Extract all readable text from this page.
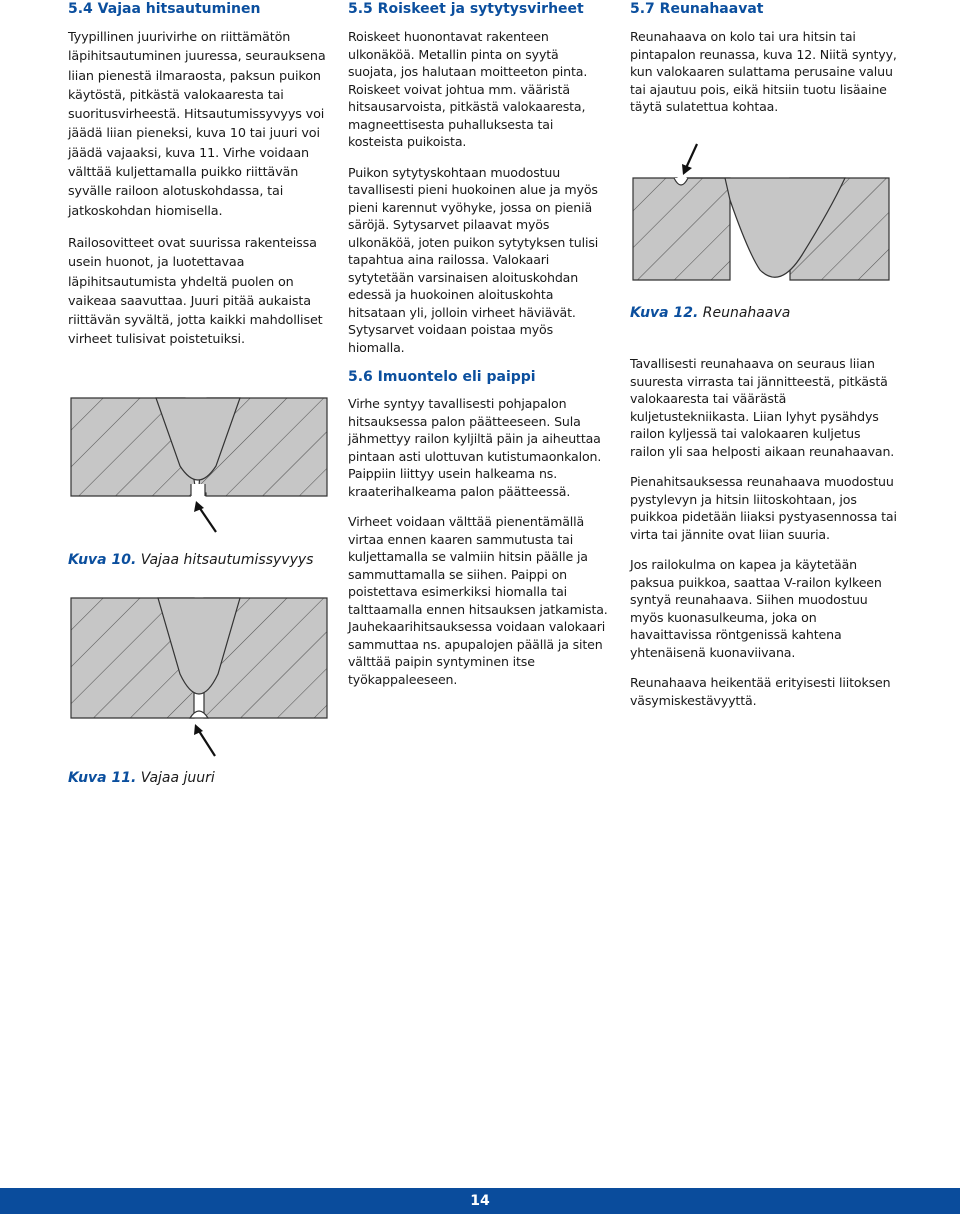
5.4 Vajaa hitsautuminen

Tyypillinen juurivirhe on riittämätön läpihitsautuminen juuressa, seurauksena liian pienestä ilmaraosta, paksun puikon käytöstä, pitkästä valokaaresta tai suoritusvirheestä. Hitsautumissyvyys voi jäädä liian pieneksi, kuva 10 tai juuri voi jäädä vajaaksi, kuva 11. Virhe voidaan välttää kuljettamalla puikko riittävän syvälle railoon alotuskohdassa, tai jatkoskohdan hiomisella.

Railosovitteet ovat suurissa rakenteissa usein huonot, ja luotettavaa läpihitsautumista yhdeltä puolen on vaikeaa saavuttaa. Juuri pitää aukaista riittävän syvältä, jotta kaikki mahdolliset virheet tulisivat poistetuiksi.

Kuva 10. Vajaa hitsautumissyvyys
Kuva 11. Vajaa juuri
5.5 Roiskeet ja sytytysvirheet

Roiskeet huonontavat rakenteen ulkonäköä. Metallin pinta on syytä suojata, jos halutaan moitteeton pinta. Roiskeet voivat johtua mm. vääristä hitsausarvoista, pitkästä valokaaresta, magneettisesta puhalluksesta tai kosteista puikoista.

Puikon sytytyskohtaan muodostuu tavallisesti pieni huokoinen alue ja myös pieni karennut vyöhyke, jossa on pieniä säröjä. Sytysarvet pilaavat myös ulkonäköä, joten puikon sytytyksen tulisi tapahtua aina railossa. Valokaari sytytetään varsinaisen aloituskohdan edessä ja huokoinen aloituskohta hitsataan yli, jolloin virheet häviävät. Sytysarvet voidaan poistaa myös hiomalla.

5.6 Imuontelo eli paippi

Virhe syntyy tavallisesti pohjapalon hitsauksessa palon päätteeseen. Sula jähmettyy railon kyljiltä päin ja aiheuttaa pintaan asti ulottuvan kutistumaonkalon. Paippiin liittyy usein halkeama ns. kraaterihalkeama palon päätteessä.

Virheet voidaan välttää pienentämällä virtaa ennen kaaren sammutusta tai kuljettamalla se valmiin hitsin päälle ja sammuttamalla se siihen. Paippi on poistettava esimerkiksi hiomalla tai talttaamalla ennen hitsauksen jatkamista. Jauhekaarihitsauksessa voidaan valokaari sammuttaa ns. apupalojen päällä ja siten välttää paipin syntyminen itse työkappaleeseen.

5.7 Reunahaavat

Reunahaava on kolo tai ura hitsin tai pintapalon reunassa, kuva 12. Niitä syntyy, kun valokaaren sulattama perusaine valuu tai ajautuu pois, eikä hitsiin tuotu lisäaine täytä sulatettua kohtaa.

Kuva 12. Reunahaava

Tavallisesti reunahaava on seuraus liian suuresta virrasta tai jännitteestä, pitkästä valokaaresta tai väärästä kuljetustekniikasta. Liian lyhyt pysähdys railon kyljessä tai valokaaren kuljetus railon yli saa helposti aikaan reunahaavan.

Pienahitsauksessa reunahaava muodostuu pystylevyn ja hitsin liitoskohtaan, jos puikkoa pidetään liiaksi pystyasennossa tai virta tai jännite ovat liian suuria.

Jos railokulma on kapea ja käytetään paksua puikkoa, saattaa V-railon kylkeen syntyä reunahaava. Siihen muodostuu myös kuonasulkeuma, joka on havaittavissa röntgenissä kahtena yhtenäisenä kuonaviivana.

Reunahaava heikentää erityisesti liitoksen väsymiskestävyyttä.

14
